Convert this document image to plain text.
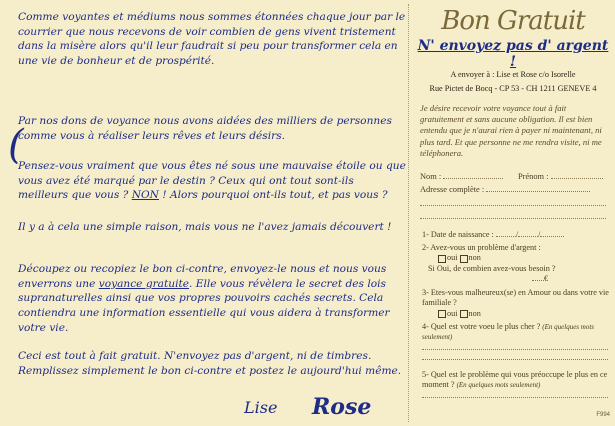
Comme voyantes et médiums nous sommes étonnées chaque jour par le courrier que nous recevons de voir combien de gens vivent tristement dans la misère alors qu'il leur faudrait si peu pour transformer cela en une vie de bonheur et de prospérité.

(

Par nos dons de voyance nous avons aidées des milliers de personnes comme vous à réaliser leurs rêves et leurs désirs.

Pensez-vous vraiment que vous êtes né sous une mauvaise étoile ou que vous avez été marqué par le destin ? Ceux qui ont tout sont-ils meilleurs que vous ? NON ! Alors pourquoi ont-ils tout, et pas vous ?

Il y a à cela une simple raison, mais vous ne l'avez jamais découvert !

Découpez ou recopiez le bon ci-contre, envoyez-le nous et nous vous enverrons une voyance gratuite. Elle vous révèlera le secret des lois supranaturelles ainsi que vos propres pouvoirs cachés secrets. Cela contiendra une information essentielle qui vous aidera à transformer votre vie.

Ceci est tout à fait gratuit. N'envoyez pas d'argent, ni de timbres. Remplissez simplement le bon ci-contre et postez le aujourd'hui même.

Lise Rose
Bon Gratuit
N' envoyez pas d' argent !
A envoyer à : Lise et Rose c/o Isorelle
Rue Pictet de Bocq - CP 53 - CH 1211 GENEVE 4

Je désire recevoir votre voyance tout à fait gratuitement et sans aucune obligation. Il est bien entendu que je n'aurai rien à payer ni maintenant, ni plus tard. Et que personne ne me rendra visite, ni me téléphonera.

Nom :	Prénom :
Adresse complète :
1- Date de naissance :	/ /
2- Avez-vous un problème d'argent :
oui non
Si Oui, de combien avez-vous besoin ?
€
3- Etes-vous malheureux(se) en Amour ou dans votre vie familiale ?
oui non
4- Quel est votre voeu le plus cher ? (En quelques mots seulement)
5- Quel est le problème qui vous préoccupe le plus en ce moment ? (En quelques mots seulement)
F994
